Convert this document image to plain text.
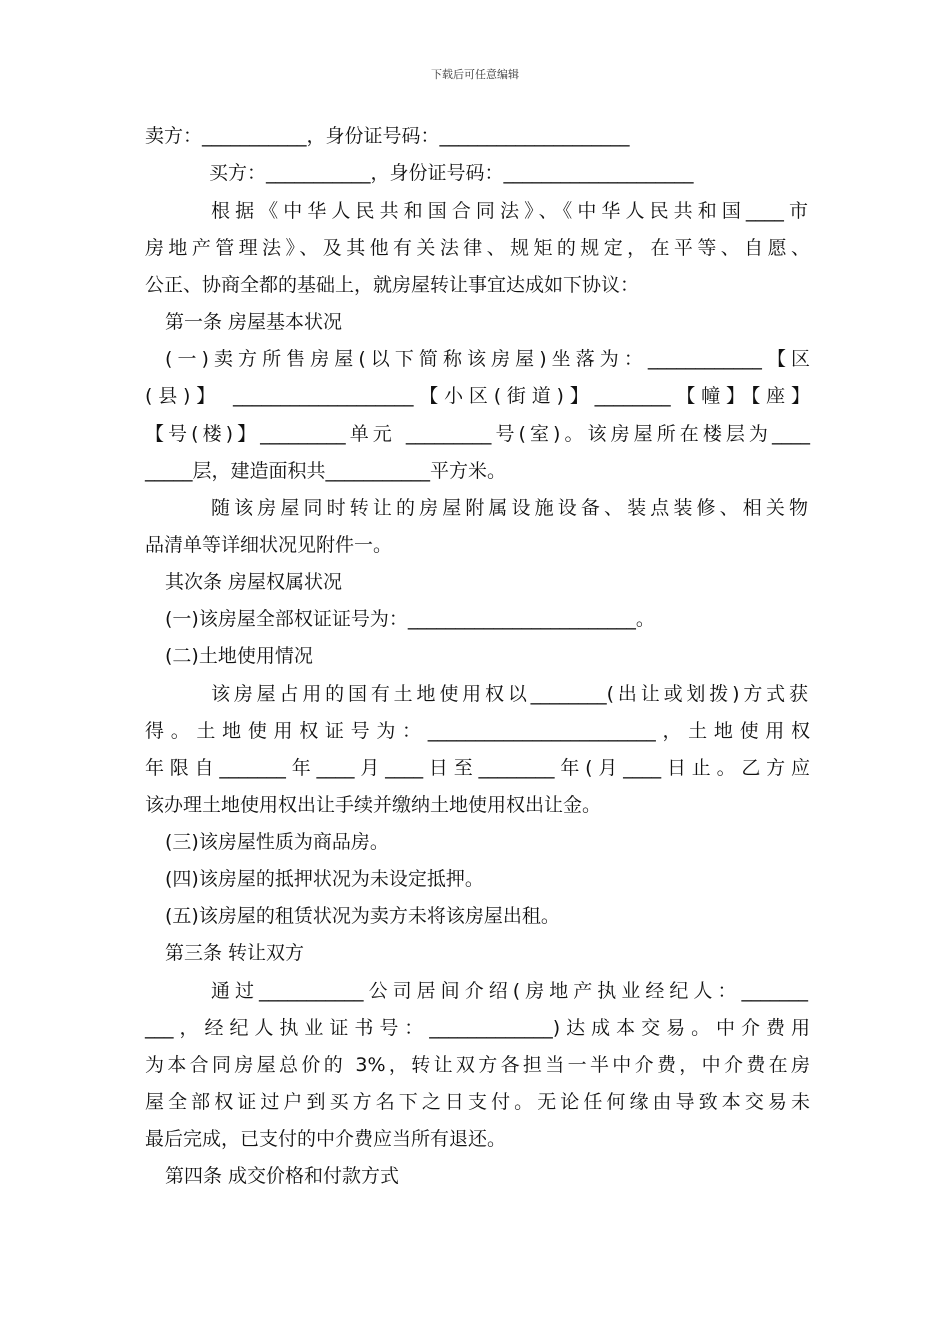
下载后可任意编辑
卖方：___________，身份证号码：____________________
买方：___________，身份证号码：____________________
根据《中华人民共和国合同法》、《中华人民共和国____市
房地产管理法》、及其他有关法律、规矩的规定，在平等、自愿、
公正、协商全都的基础上，就房屋转让事宜达成如下协议：
第一条 房屋基本状况
(一)卖方所售房屋(以下简称该房屋)坐落为：____________【区
(县)】 ___________________【小区(街道)】________【幢】【座】
【号(楼)】_________单元 _________号(室)。该房屋所在楼层为____
_____层，建造面积共___________平方米。
随该房屋同时转让的房屋附属设施设备、装点装修、相关物
品清单等详细状况见附件一。
其次条 房屋权属状况
(一)该房屋全部权证证号为：________________________。
(二)土地使用情况
该房屋占用的国有土地使用权以________(出让或划拨)方式获
得。土地使用权证号为：________________________，土地使用权
年限自_______年____月____日至________年(月____日止。乙方应
该办理土地使用权出让手续并缴纳土地使用权出让金。
(三)该房屋性质为商品房。
(四)该房屋的抵押状况为未设定抵押。
(五)该房屋的租赁状况为卖方未将该房屋出租。
第三条 转让双方
通过___________公司居间介绍(房地产执业经纪人：_______
___，经纪人执业证书号：_____________)达成本交易。中介费用
为本合同房屋总价的 3%，转让双方各担当一半中介费，中介费在房
屋全部权证过户到买方名下之日支付。无论任何缘由导致本交易未
最后完成，已支付的中介费应当所有退还。
第四条 成交价格和付款方式
